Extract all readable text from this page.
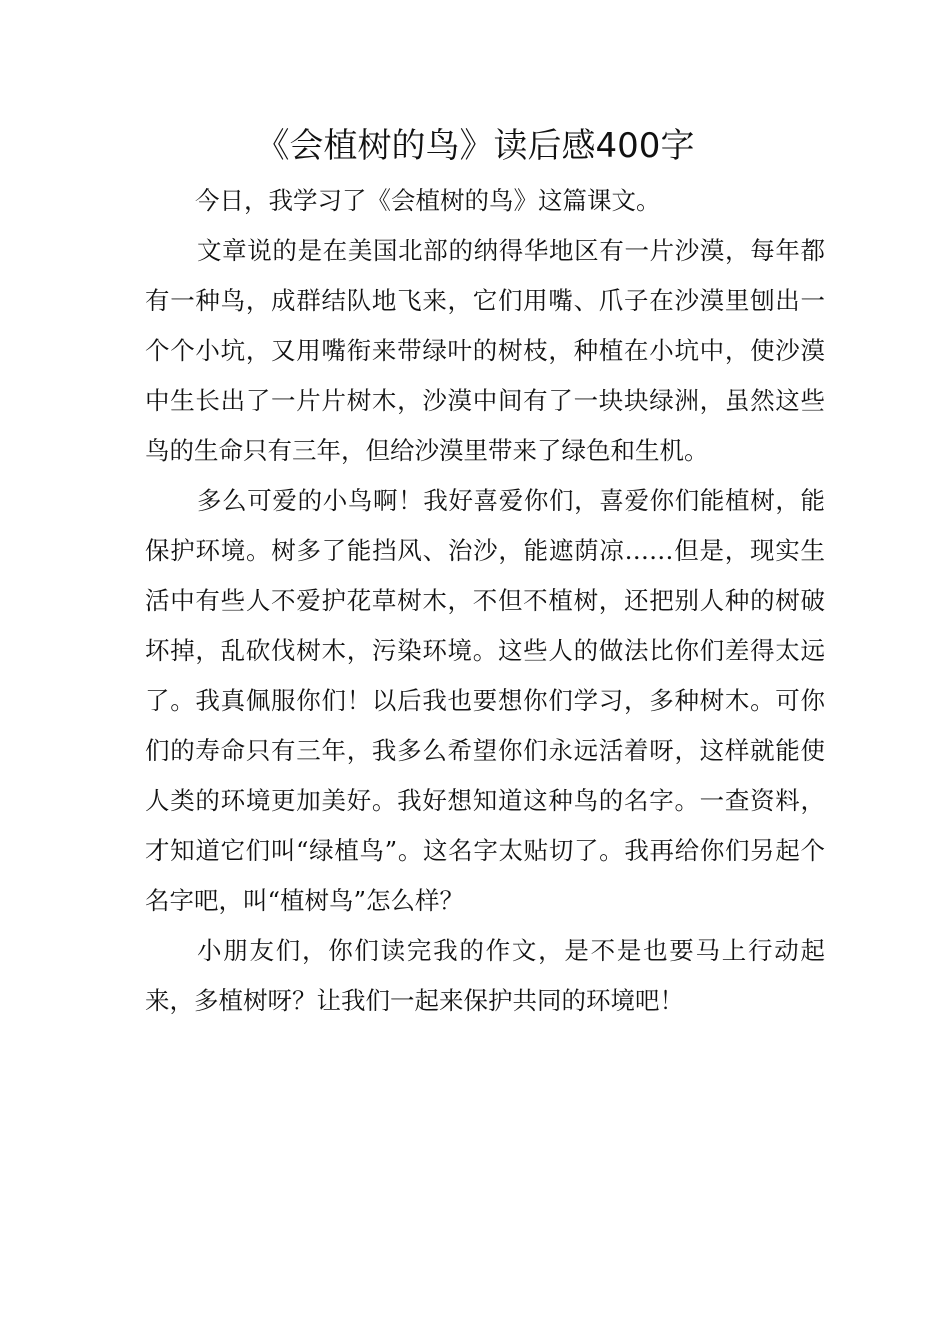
《会植树的鸟》读后感400字

今日，我学习了《会植树的鸟》这篇课文。

文章说的是在美国北部的纳得华地区有一片沙漠，每年都有一种鸟，成群结队地飞来，它们用嘴、爪子在沙漠里刨出一个个小坑，又用嘴衔来带绿叶的树枝，种植在小坑中，使沙漠中生长出了一片片树木，沙漠中间有了一块块绿洲，虽然这些鸟的生命只有三年，但给沙漠里带来了绿色和生机。

多么可爱的小鸟啊！我好喜爱你们，喜爱你们能植树，能保护环境。树多了能挡风、治沙，能遮荫凉……但是，现实生活中有些人不爱护花草树木，不但不植树，还把别人种的树破坏掉，乱砍伐树木，污染环境。这些人的做法比你们差得太远了。我真佩服你们！以后我也要想你们学习，多种树木。可你们的寿命只有三年，我多么希望你们永远活着呀，这样就能使人类的环境更加美好。我好想知道这种鸟的名字。一查资料，才知道它们叫“绿植鸟”。这名字太贴切了。我再给你们另起个名字吧，叫“植树鸟”怎么样？

小朋友们，你们读完我的作文，是不是也要马上行动起来，多植树呀？让我们一起来保护共同的环境吧！
